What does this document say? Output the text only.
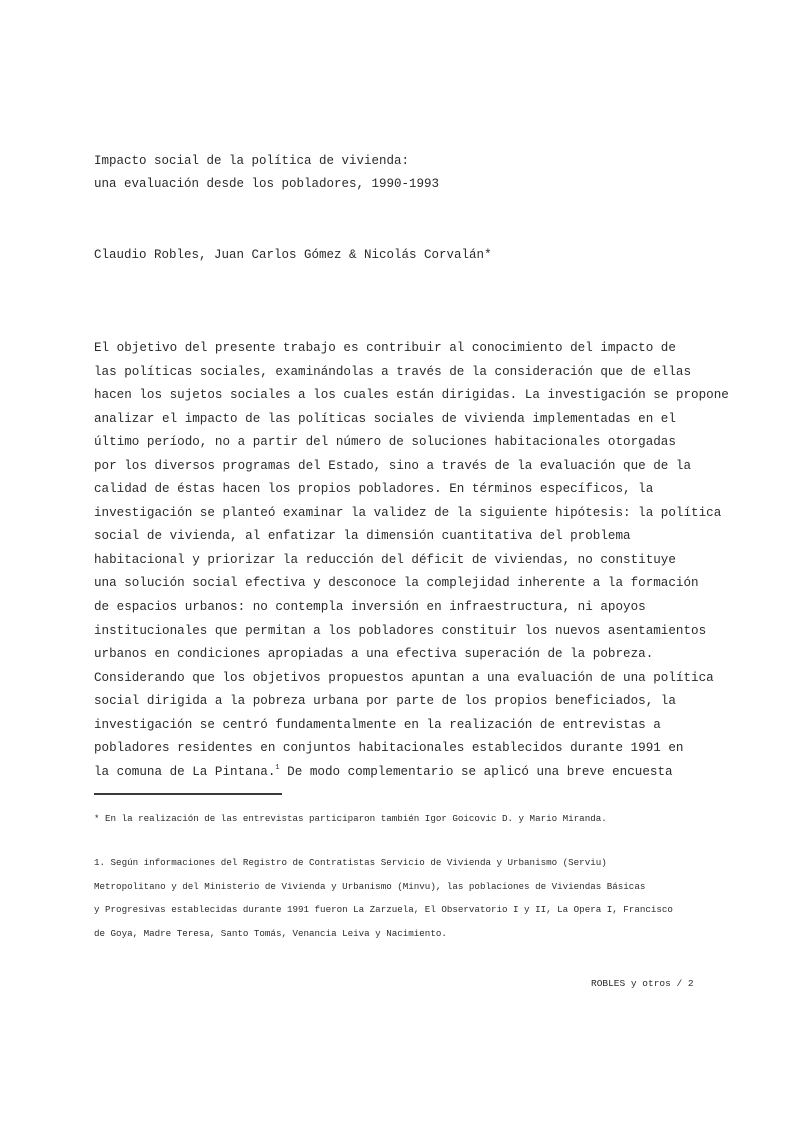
Impacto social de la política de vivienda:
una evaluación desde los pobladores, 1990-1993
Claudio Robles, Juan Carlos Gómez & Nicolás Corvalán*
El objetivo del presente trabajo es contribuir al conocimiento del impacto de
las políticas sociales, examinándolas a través de la consideración que de ellas
hacen los sujetos sociales a los cuales están dirigidas. La investigación se propone
analizar el impacto de las políticas sociales de vivienda implementadas en el
último período, no a partir del número de soluciones habitacionales otorgadas
por los diversos programas del Estado, sino a través de la evaluación que de la
calidad de éstas hacen los propios pobladores. En términos específicos, la
investigación se planteó examinar la validez de la siguiente hipótesis: la política
social de vivienda, al enfatizar la dimensión cuantitativa del problema
habitacional y priorizar la reducción del déficit de viviendas, no constituye
una solución social efectiva y desconoce la complejidad inherente a la formación
de espacios urbanos: no contempla inversión en infraestructura, ni apoyos
institucionales que permitan a los pobladores constituir los nuevos asentamientos
urbanos en condiciones apropiadas a una efectiva superación de la pobreza.
Considerando que los objetivos propuestos apuntan a una evaluación de una política
social dirigida a la pobreza urbana por parte de los propios beneficiados, la
investigación se centró fundamentalmente en la realización de entrevistas a
pobladores residentes en conjuntos habitacionales establecidos durante 1991 en
la comuna de La Pintana.$^1$ De modo complementario se aplicó una breve encuesta
* En la realización de las entrevistas participaron también Igor Goicovic D. y Mario Miranda.
1. Según informaciones del Registro de Contratistas Servicio de Vivienda y Urbanismo (Serviu)
Metropolitano y del Ministerio de Vivienda y Urbanismo (Minvu), las poblaciones de Viviendas Básicas
y Progresivas establecidas durante 1991 fueron La Zarzuela, El Observatorio I y II, La Opera I, Francisco
de Goya, Madre Teresa, Santo Tomás, Venancia Leiva y Nacimiento.
ROBLES y otros / 2
